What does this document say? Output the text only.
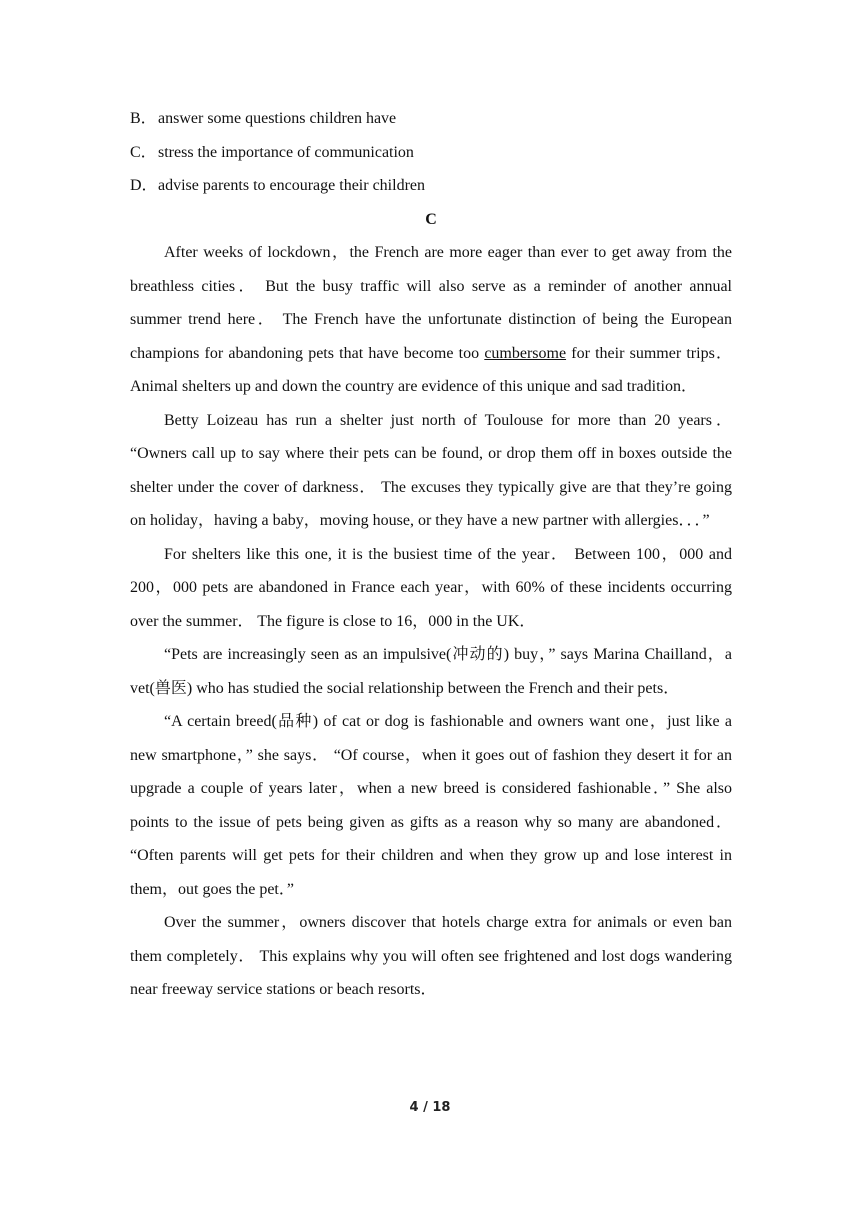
B．answer some questions children have

C．stress the importance of communication

D．advise parents to encourage their children

C

After weeks of lockdown，the French are more eager than ever to get away from the breathless cities． But the busy traffic will also serve as a reminder of another annual summer trend here． The French have the unfortunate distinction of being the European champions for abandoning pets that have become too cumbersome for their summer trips． Animal shelters up and down the country are evidence of this unique and sad tradition．

Betty Loizeau has run a shelter just north of Toulouse for more than 20 years． “Owners call up to say where their pets can be found, or drop them off in boxes outside the shelter under the cover of darkness． The excuses they typically give are that they’re going on holiday，having a baby，moving house, or they have a new partner with allergies．．．”

For shelters like this one, it is the busiest time of the year． Between 100，000 and 200，000 pets are abandoned in France each year，with 60% of these incidents occurring over the summer． The figure is close to 16，000 in the UK．

“Pets are increasingly seen as an impulsive(冲动的) buy，” says Marina Chailland，a vet(兽医) who has studied the social relationship between the French and their pets．

“A certain breed(品种) of cat or dog is fashionable and owners want one，just like a new smartphone，” she says． “Of course，when it goes out of fashion they desert it for an upgrade a couple of years later，when a new breed is considered fashionable．” She also points to the issue of pets being given as gifts as a reason why so many are abandoned． “Often parents will get pets for their children and when they grow up and lose interest in them，out goes the pet．”

Over the summer，owners discover that hotels charge extra for animals or even ban them completely． This explains why you will often see frightened and lost dogs wandering near freeway service stations or beach resorts．

4 / 18
